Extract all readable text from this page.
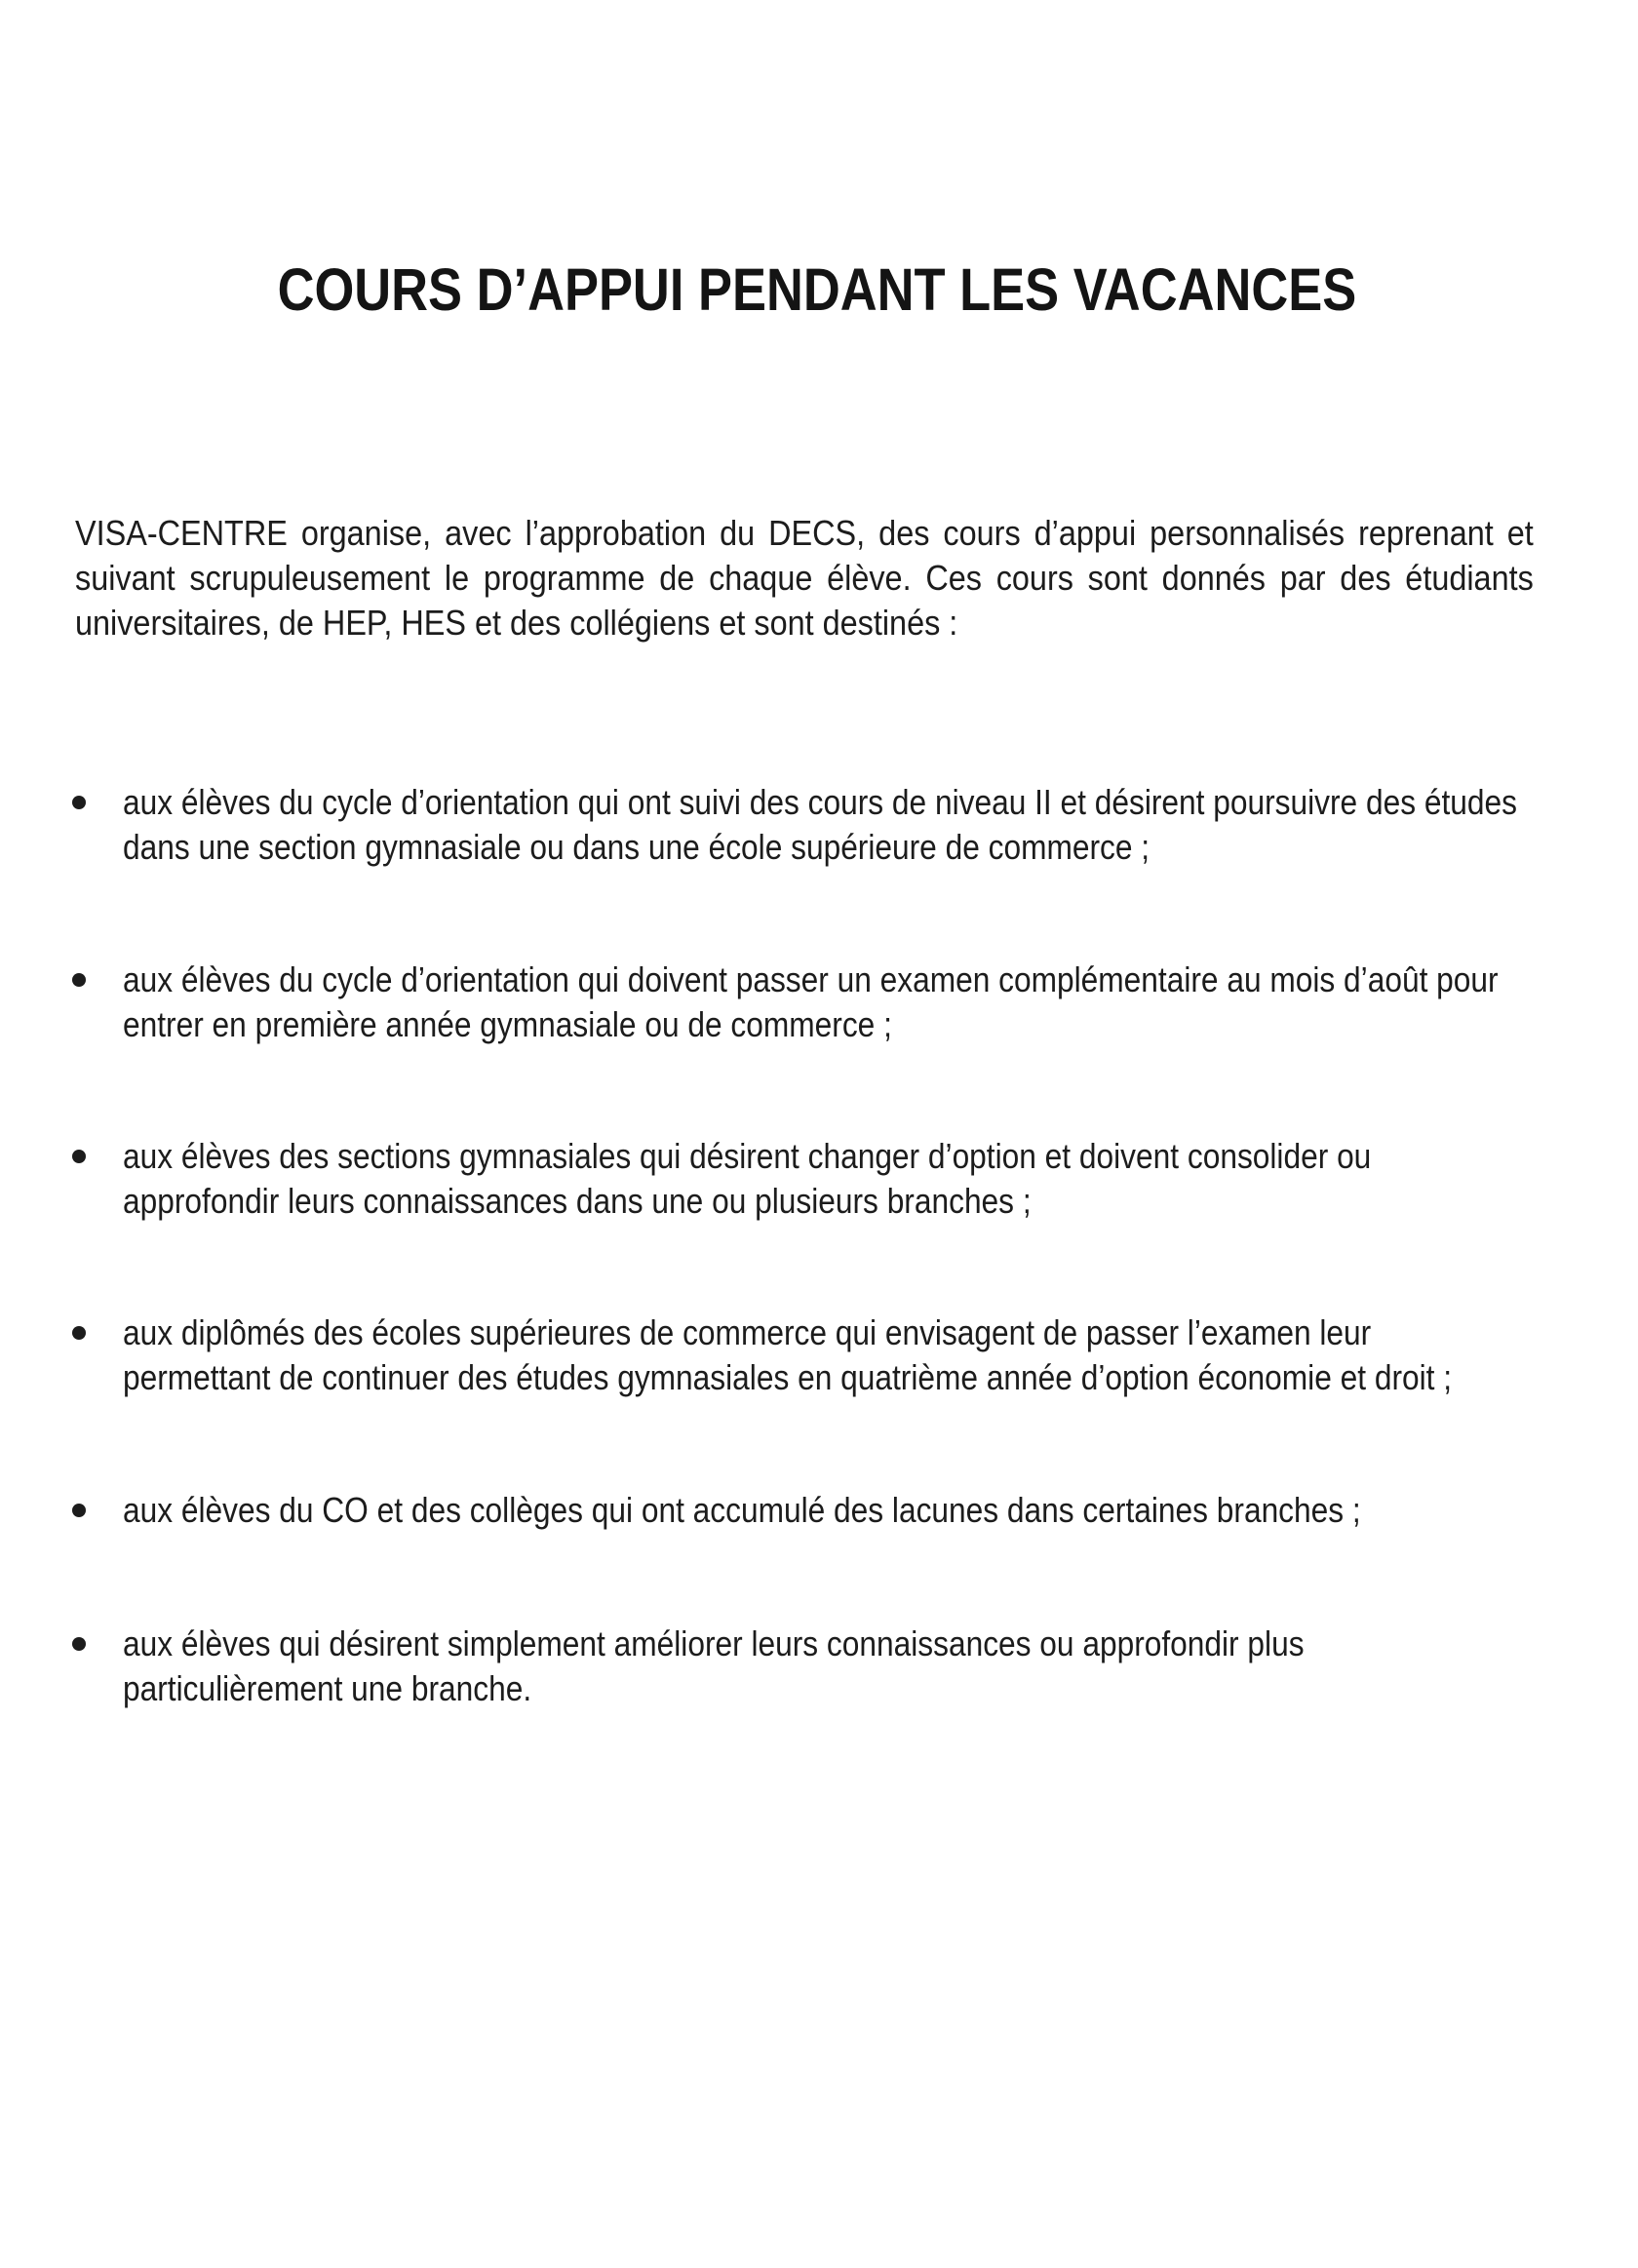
COURS D’APPUI PENDANT LES VACANCES
VISA-CENTRE organise, avec l’approbation du DECS, des cours d’appui personnalisés reprenant et suivant scrupuleusement le programme de chaque élève. Ces cours sont donnés par des étudiants universitaires, de HEP, HES et des collégiens et sont destinés :
aux élèves du cycle d’orientation qui ont suivi des cours de niveau II et désirent poursuivre des études
dans une section gymnasiale ou dans une école supérieure de commerce ;
aux élèves du cycle d’orientation qui doivent passer un examen complémentaire au mois d’août pour
entrer en première année gymnasiale ou de commerce ;
aux élèves des sections gymnasiales qui désirent changer d’option et doivent consolider ou
approfondir leurs connaissances dans une ou plusieurs branches ;
aux diplômés des écoles supérieures de commerce qui envisagent de passer l’examen leur
permettant de continuer des études gymnasiales en quatrième année d’option économie et droit ;
aux élèves du CO et des collèges qui ont accumulé des lacunes dans certaines branches ;
aux élèves qui désirent simplement améliorer leurs connaissances ou approfondir plus
particulièrement une branche.
